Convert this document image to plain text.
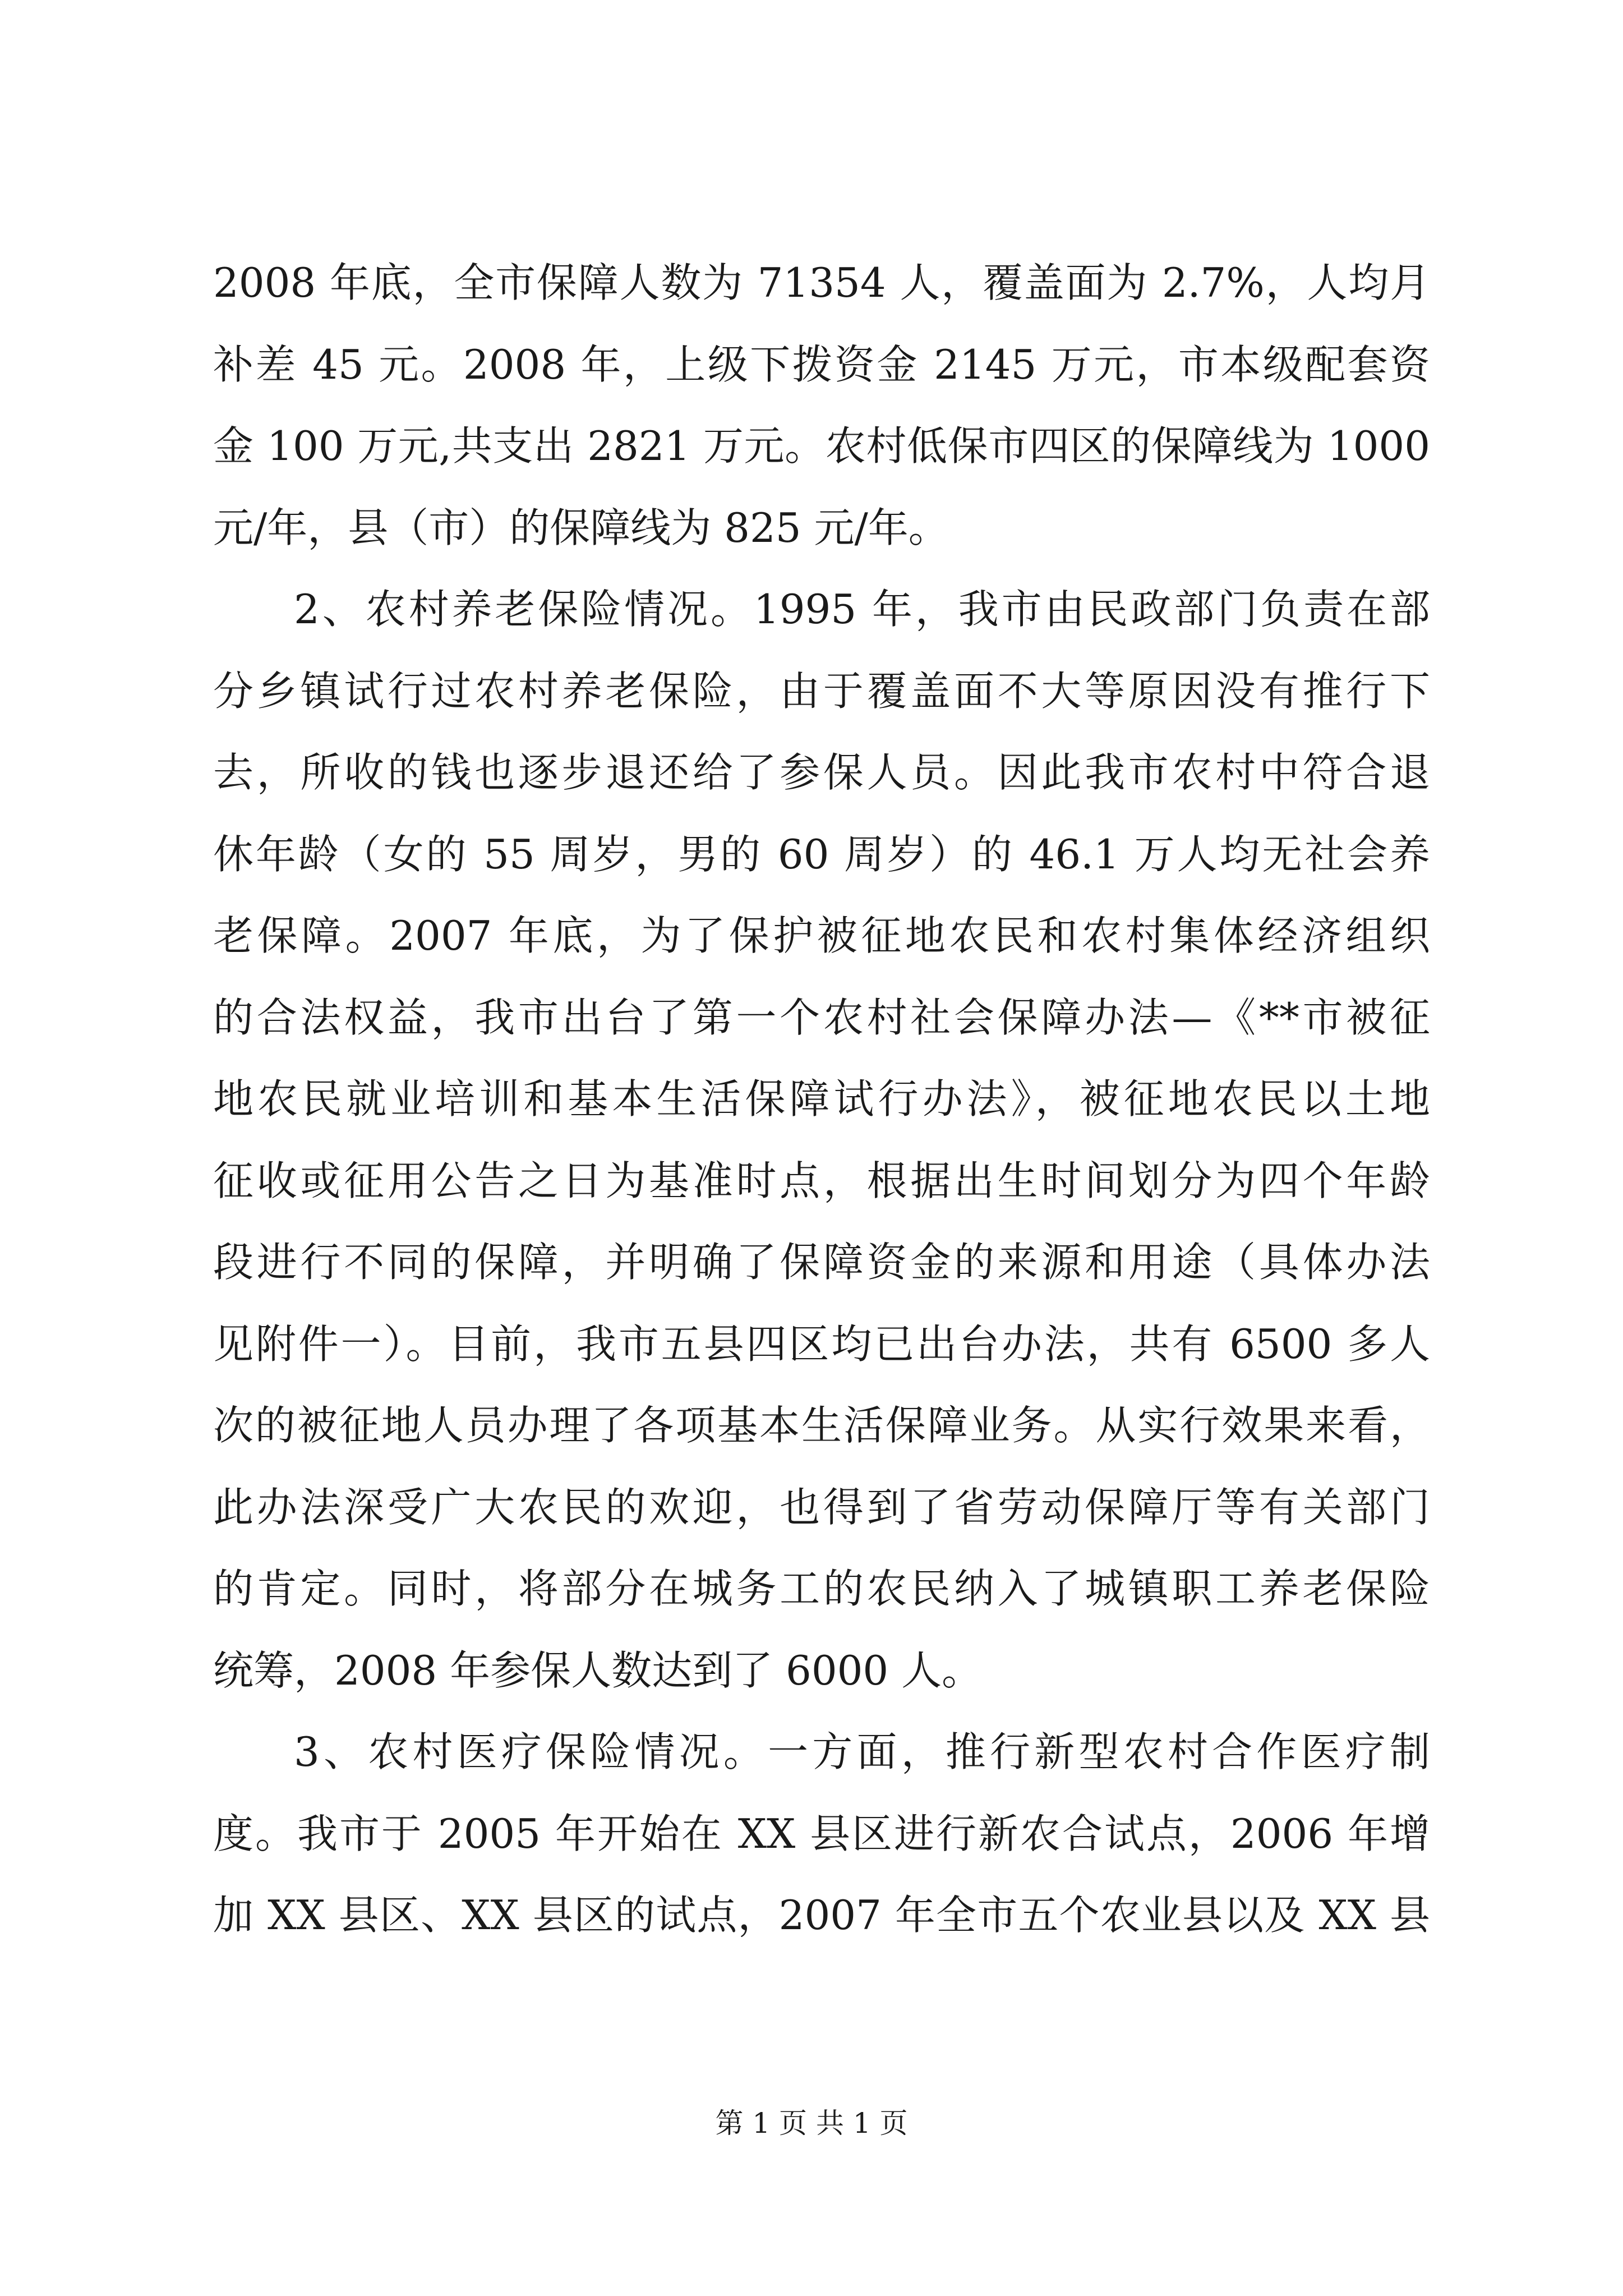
2008 年底，全市保障人数为 71354 人，覆盖面为 2.7%，人均月
补差 45 元。2008 年，上级下拨资金 2145 万元，市本级配套资
金 100 万元,共支出 2821 万元。农村低保市四区的保障线为 1000
元/年，县（市）的保障线为 825 元/年。
2、农村养老保险情况。1995 年，我市由民政部门负责在部
分乡镇试行过农村养老保险，由于覆盖面不大等原因没有推行下
去，所收的钱也逐步退还给了参保人员。因此我市农村中符合退
休年龄（女的 55 周岁，男的 60 周岁）的 46.1 万人均无社会养
老保障。2007 年底，为了保护被征地农民和农村集体经济组织
的合法权益，我市出台了第一个农村社会保障办法—《**市被征
地农民就业培训和基本生活保障试行办法》，被征地农民以土地
征收或征用公告之日为基准时点，根据出生时间划分为四个年龄
段进行不同的保障，并明确了保障资金的来源和用途（具体办法
见附件一）。目前，我市五县四区均已出台办法，共有 6500 多人
次的被征地人员办理了各项基本生活保障业务。从实行效果来看，
此办法深受广大农民的欢迎，也得到了省劳动保障厅等有关部门
的肯定。同时，将部分在城务工的农民纳入了城镇职工养老保险
统筹，2008 年参保人数达到了 6000 人。
3、农村医疗保险情况。一方面，推行新型农村合作医疗制
度。我市于 2005 年开始在 XX 县区进行新农合试点，2006 年增
加 XX 县区、XX 县区的试点，2007 年全市五个农业县以及 XX 县
第 1 页 共 1 页
